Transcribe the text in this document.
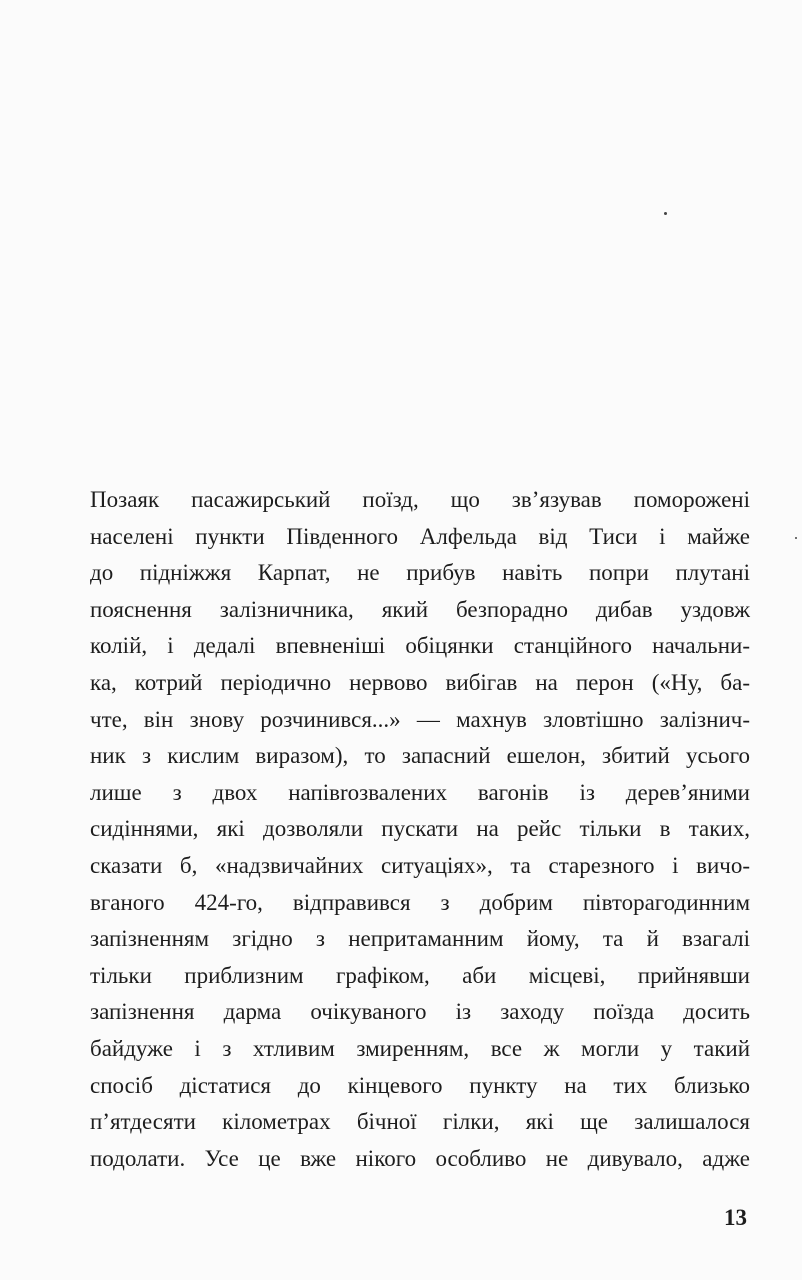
Позаяк пасажирський поїзд, що зв’язував поморожені
населені пункти Південного Алфельда від Тиси і майже
до підніжжя Карпат, не прибув навіть попри плутані
пояснення залізничника, який безпорадно дибав уздовж
колій, і дедалі впевненіші обіцянки станційного начальни-
ка, котрий періодично нервово вибігав на перон («Ну, ба-
чте, він знову розчинився...» — махнув зловтішно залізнич-
ник з кислим виразом), то запасний ешелон, збитий усього
лише з двох напівrозвалених вагонів із дерев’яними
сидіннями, які дозволяли пускати на рейс тільки в таких,
сказати б, «надзвичайних ситуаціях», та старезного і вичо-
вганого 424-го, відправився з добрим півторагодинним
запізненням згідно з непритаманним йому, та й взагалі
тільки приблизним графіком, аби місцеві, прийнявши
запізнення дарма очікуваного із заходу поїзда досить
байдуже і з хтливим змиренням, все ж могли у такий
спосіб дістатися до кінцевого пункту на тих близько
п’ятдесяти кілометрах бічної гілки, які ще залишалося
подолати. Усе це вже нікого особливо не дивувало, адже
13
